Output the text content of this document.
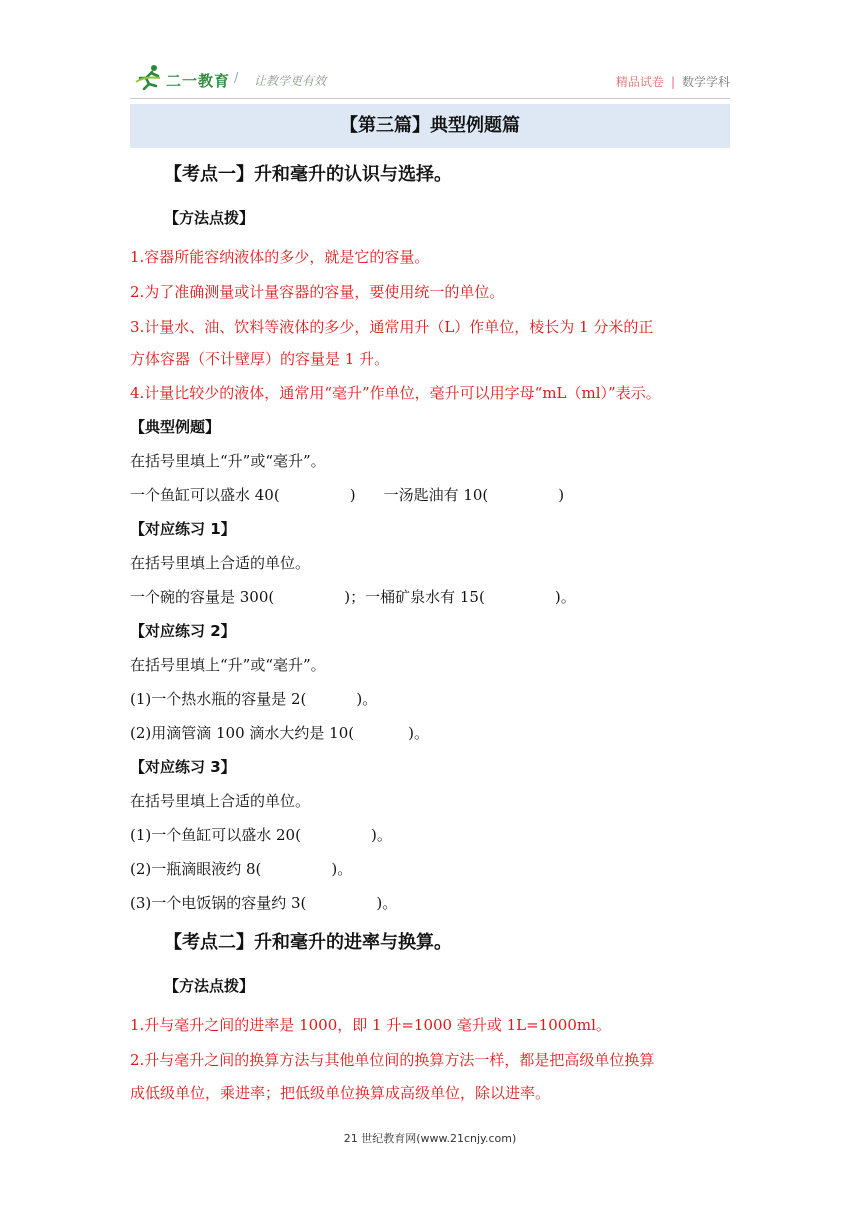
二一教育 / 让教学更有效	精品试卷 | 数学学科
【第三篇】典型例题篇
【考点一】升和毫升的认识与选择。
【方法点拨】
1.容器所能容纳液体的多少，就是它的容量。
2.为了准确测量或计量容器的容量，要使用统一的单位。
3.计量水、油、饮料等液体的多少，通常用升（L）作单位，棱长为 1 分米的正
方体容器（不计壁厚）的容量是 1 升。
4.计量比较少的液体，通常用“毫升”作单位，毫升可以用字母“mL（ml）”表示。
【典型例题】
在括号里填上“升”或“毫升”。
一个鱼缸可以盛水 40(	) 一汤匙油有 10(	)
【对应练习 1】
在括号里填上合适的单位。
一个碗的容量是 300(	)；一桶矿泉水有 15(	)。
【对应练习 2】
在括号里填上“升”或“毫升”。
(1)一个热水瓶的容量是 2(	)。
(2)用滴管滴 100 滴水大约是 10(	)。
【对应练习 3】
在括号里填上合适的单位。
(1)一个鱼缸可以盛水 20(	)。
(2)一瓶滴眼液约 8(	)。
(3)一个电饭锅的容量约 3(	)。
【考点二】升和毫升的进率与换算。
【方法点拨】
1.升与毫升之间的进率是 1000，即 1 升=1000 毫升或 1L=1000ml。
2.升与毫升之间的换算方法与其他单位间的换算方法一样，都是把高级单位换算
成低级单位，乘进率；把低级单位换算成高级单位，除以进率。
21 世纪教育网(www.21cnjy.com)
